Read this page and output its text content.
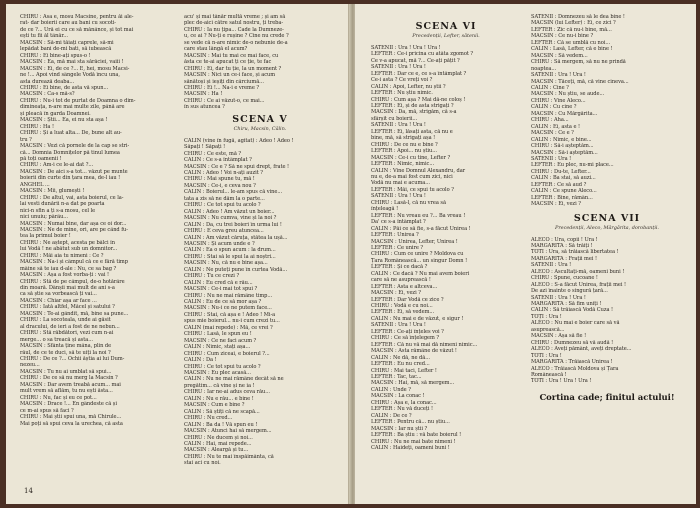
CHIRU : Asa e, mosu Macsine, pentru ăi ale-
rat- dar boierii care au bani cu socoti-
de ce ?... Ură ei cu ce să mănânce, și tot mai
ești tu fii ăl tânăr...
MACSIN : Să-mi tăiați caprele, să-mi
lepădat bani de-mi bati, să iubească
CHIRU : Ei bine-ați spus-o !
MACSIN : Ea, mă mai sta sărăciei, vaiii !
MACSIN : Ei, de ce ?... E, hei, mosu Macsi-
ne !... Apoi vind sângele Vodă încu una,
asta durează deaba...
CHIRU : Ei bine, de asta vă spun...
MACSIN : Ca-s mă-s?
CHIRU : Nu-i tot de purtat de Doamna o dim-
dimineața, n-are mai multe zile, până are
și pleacă în garda Doamnei.
MACSIN : Știi... Ea, ei nu sta așa !
CHIRU : Ha !
CHIRU : Și a luat alta... De, bune alt au-
tru ?
MACSIN : Vezi că pornele de la cap se stri-
că... Domnia Domnițelor pă tinul lumea
pă toți oamenii !
CHIRU : Am-i ce le-ai dat ?...
MACSIN : De aici s-a tot... văzut pe munte
boierii din curte din țara mea, de-l iau !
ANGHEL ...
MACSIN : Mii, glumești !
CHIRU : De altul, vai, asta boierul, ce la-
lai vesti dunării n-a dat pe poarta
nici-n sfin a ți s-a mosu, cel le
nici unuiu; pârâu...
MACSIN : Numai bine, dar așa ce oi dor...
MACSIN : Ne de mine, ori, are pe când fu-
tea la primul boier !
CHIRU : Ne aștept, acesta pe bâlci în
lui Vodă ! ne abătut sub un domnitor...
CHIRU : Măi aia tu nimeni : Ce ?
MACSIN : Na-i și câmpul că ce e fără timp
mâine să te iau d-ale : Nu, ce sa bag ?
MACSIN : Așa a fost vorba-ți : vai !
CHIRU : Stă de pe câmpul, de-o hotărâre
din moară. Dânșii mai mult de ani s-a
ca să știe sa vorbească ți vai...
MACSIN : Chiar așa ar face ...
CHIRU : Iată altfel, Măcel și satului ?
MACSIN : Te-ai gândit, mă, bine sa pune...
CHIRU : La socoteala, unde ai găsit
al dracului, de ieri a fost de ne nebun...
CHIRU : Stă răbdători, vezi cum n-ai
merge... o sa treacă și asta...
MACSIN : Sfânta ține mâna, plin de
răul, de ce te duci, să te uiți la noi ?
CHIRU : De ce ?... Ochii ăștia ai lui Dum-
nezeu...
MACSIN : Tu nu ai umblat să spui...
CHIRU : De ce să nu merg la Macsin ?
MACSIN : Dar avem treabă acum... mai
mult vrem să aflăm, tu nu ești ăsta...
CHIRU : Nu, fac și eu ce pot...
MACSIN : Drace !... En gândeste că și
ce m-ai spus să faci ?
CHIRU : Mai știi spui una, mă Chirule...
Mai poți să spui ceva la urechea, că asta
acu' și mai tânăr multă vreme ; și am să
plec de-aici către satul nostru, ți treba-
CHIRU : Ia nu țipa... Cade la Dumneze-
u, ce ai ? Nu-ți e rușine ? Cine nu crede ?
se vede că n-are nimic de-o nebunie de-a
care stau lângă el acum?
MACSIN : Mai tu mai ce mai face, cu
ăsta ce te-ai apucat ți ce ție, te fac
CHIRU : Ei, dar tu ție, la un moment ?
MACSIN : Nici un ce-i face, și acum
sănătoși și ieșiți din cârciumă...
CHIRU : Ei !... Na-i e vreme ?
MACSIN : Ha !
CHIRU : Ce ai văzut-o, ce mai...
în sus atuncea ?
SCENA V
Chiru, Macsin, Călin.
CĂLIN (vine în fugă, agitat) : Adeo ! Adeo !
Săpați ! Săpați !
CHIRU : Ce este, mă ?
CĂLIN : Ce s-a întâmplat ?
MACSIN : Ce e ? Să ne spui drept, frate !
CĂLIN : Adeo ! Voi n-ați auzit ?
CHIRU : Mai spune tu, mă !
MACSIN : Ce-i, e ceva nou ?
CĂLIN : Boierul... le-am spus că vine...
tata a zis să ne dăm la o parte...
CHIRU : Ce tot spui tu acolo ?
CĂLIN : Adeo ! Am văzut un boier...
MACSIN : Nu cumva, vine și la noi ?
CĂLIN : Da, cu trei boieri în urma lui !
CHIRU : E ceva greu atuncea...
CĂLIN : Am văzut căruța, stătea la ușă...
MACSIN : Și acum unde e ?
CĂLIN : Ea o spun acum : la drum...
CHIRU : Stai să le spui la ai noștri...
MACSIN : Nu, că nu e bine așa...
CĂLIN : Ne puteți pune în curtea Vodă...
CHIRU : Tu ce crezi ?
CĂLIN : Eu cred că e rău...
MACSIN : Ce-i mai tot spui ?
CHIRU : Nu ne mai rămâne timp...
CĂLIN : Eu de ce să mor așa ?
MACSIN : Nu-i ce ne putem face...
CHIRU : Stai, că așa e ! Adeo ! Mi-a
spus mie boierul... nu-i cum crezi tu...
CĂLIN (mai repede) : Mă, ce vrei ?
CHIRU : Lasă, le spun eu !
MACSIN : Ce ne faci acum ?
CĂLIN : Nimic, stați așa...
CHIRU : Cum ziceai, e boierul ?...
CĂLIN : Da !
CHIRU : Ce tot spui tu acolo ?
MACSIN : Eu plec acasă...
CĂLIN : Nu ne mai rămâne decât să ne
pregătim... că vine și ne ia !
CHIRU : Iar ne-ai adus ceva rău...
CĂLIN : Nu e rău... e bine !
MACSIN : Cum e bine ?
CĂLIN : Să știți că ne scapă...
CHIRU : Nu cred...
CĂLIN : Ba da ! Vă spun eu !
MACSIN : Atunci hai să mergem...
CHIRU : Ne ducem și noi...
CĂLIN : Hai, mai repede...
MACSIN : Aleargă și tu...
CHIRU : Nu te mai înspăimânta, că
stai aci cu noi.
14
SCENA VI
Precedenții, Lefter, sătenii.
SĂTENII : Ura ! Ura ! Ura !
LEFTER : Ce-i pricina cu atâta zgomot ?
Ce v-a apucat, mă ?... Ce-ați pățit ?
SĂTENII : Ura ! Ura !
LEFTER : Dar ce e, ce s-a întâmplat ?
Ce-i asta ? Ce vreți voi ?
CĂLIN : Apoi, Lefter, nu știi ?
LEFTER : Nu știu nimic.
CHIRU : Cum așa ? Mai dă-ne coloș !
LEFTER : Ei, și de asta strigați ?
MACSIN : Da, mă, strigăm, că s-a
sfârșit cu boierii...
SĂTENII : Ura ! Ura !
LEFTER : Ei, lăsați asta, că nu e
bine, mă, să strigați așa !
CHIRU : De ce nu e bine ?
LEFTER : Apoi... nu știu...
MACSIN : Ce-i cu tine, Lefter ?
LEFTER : Nimic, nimic...
CĂLIN : Vine Domnul Alexandru, dar
nu e, de-a mai fost cum zici, nici
Vodă nu mai e acuma...
LEFTER : Măi, ce spui tu acolo ?
SĂTENII : Ura ! Ura !
CHIRU : Lasă-l, că nu vrea să
înțeleagă !
LEFTER : Nu vreau eu ?... Ba vreau !
Da' ce s-a întâmplat ?
CĂLIN : Păi ce să fie, s-a făcut Unirea !
LEFTER : Unirea ?
MACSIN : Unirea, Lefter, Unirea !
LEFTER : Ce unire ?
CHIRU : Cum ce unire ? Moldova cu
Țara Românească... un singur Domn !
LEFTER : Și ce dacă ?
CĂLIN : Ce dacă ? Nu mai avem boieri
care să ne asuprească !
LEFTER : Asta e altceva...
MACSIN : Ei, vezi ?
LEFTER : Dar Vodă ce zice ?
CHIRU : Vodă e cu noi...
LEFTER : Ei, să vedem...
CĂLIN : Nu mai e de văzut, e sigur !
SĂTENII : Ura ! Ura !
LEFTER : Ce-ați înțeles voi ?
CHIRU : Ce să înțelegem ?
LEFTER : Că nu vă mai dă nimeni nimic...
MACSIN : Asta rămâne de văzut !
CĂLIN : Ne dă, ne dă...
LEFTER : Eu nu cred...
CHIRU : Mai taci, Lefter !
LEFTER : Tac, tac...
MACSIN : Hai, mă, să mergem...
CĂLIN : Unde ?
MACSIN : La conac !
CHIRU : Așa e, la conac...
LEFTER : Nu vă duceți !
CĂLIN : De ce ?
LEFTER : Pentru că... nu știu...
MACSIN : Iar nu știi ?
LEFTER : Ba știu : vă bate boierul !
CHIRU : Nu ne mai bate nimeni !
CĂLIN : Haideți, oameni buni !
SĂTENII : Domnezeu să le dea bine !
MACSIN (lui Lefter) : Ei, ce zici ?
LEFTER : Zic că nu-i bine, mă...
MACSIN : Ce nu-i bine ?
LEFTER : Că se umblă cu noi...
CĂLIN : Lasă, Lefter, că e bine !
MACSIN : Să vedem...
CHIRU : Să mergem, să nu ne prindă
noaptea...
SĂTENII : Ura ! Ura !
MACSIN : Tăceți, mă, că vine cineva...
CĂLIN : Cine ?
MACSIN : Nu știu, se aude...
CHIRU : Vine Aleco...
CĂLIN : Cu cine ?
MACSIN : Cu Mărgărita...
CHIRU : Aha...
CĂLIN : Ei, asta e !
MACSIN : Ce e ?
CĂLIN : Nimic, e bine...
CHIRU : Să-i așteptăm...
MACSIN : Să-i așteptăm...
SĂTENII : Ura !
LEFTER : Eu plec, nu-mi place...
CHIRU : Du-te, Lefter...
CĂLIN : Ba stai, să auzi...
LEFTER : Ce să aud ?
CĂLIN : Ce spune Aleco...
LEFTER : Bine, rămân...
MACSIN : Ei, vezi ?
SCENA VII
Precedenții, Aleco, Mărgărita, dorobanții.
ALECO : Ura, copii ! Ura !
MĂRGĂRITA : Să trăiți !
TOTI : Ura, să trăiască libertatea !
MĂRGĂRITA : Frații mei !
SĂTENII : Ura !
ALECO : Ascultați-mă, oameni buni !
CHIRU : Spune, cucoane !
ALECO : S-a făcut Unirea, frații mei !
De azi înainte o singură țară...
SĂTENII : Ura ! Ura !
MĂRGĂRITA : Să fim uniți !
CĂLIN : Să trăiască Vodă Cuza !
TOȚI : Ura !
ALECO : Nu mai e boier care să vă
asuprească...
MACSIN : Așa să fie !
CHIRU : Dumnezeu să vă audă !
ALECO : Aveți pământ, aveți dreptate...
TOTI : Ura !
MĂRGĂRITA : Trăiască Unirea !
ALECO : Trăiască Moldova și Țara
Românească !
TOTI : Ura ! Ura ! Ura !
Cortina cade; finitul actului!
